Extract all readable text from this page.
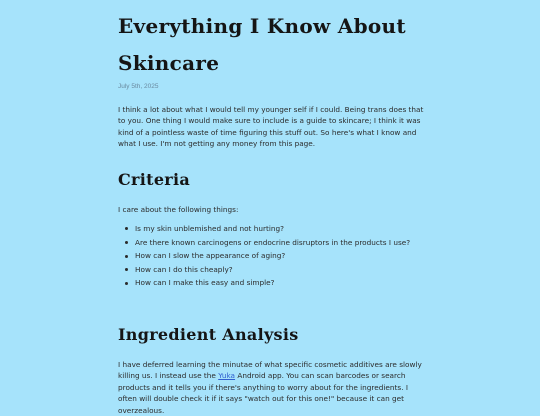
Everything I Know About Skincare
July 5th, 2025

I think a lot about what I would tell my younger self if I could. Being trans does that to you. One thing I would make sure to include is a guide to skincare; I think it was kind of a pointless waste of time figuring this stuff out. So here's what I know and what I use. I'm not getting any money from this page.

Criteria

I care about the following things:

Is my skin unblemished and not hurting?
Are there known carcinogens or endocrine disruptors in the products I use?
How can I slow the appearance of aging?
How can I do this cheaply?
How can I make this easy and simple?
Ingredient Analysis

I have deferred learning the minutae of what specific cosmetic additives are slowly killing us. I instead use the Yuka Android app. You can scan barcodes or search products and it tells you if there's anything to worry about for the ingredients. I often will double check it if it says "watch out for this one!" because it can get overzealous.
